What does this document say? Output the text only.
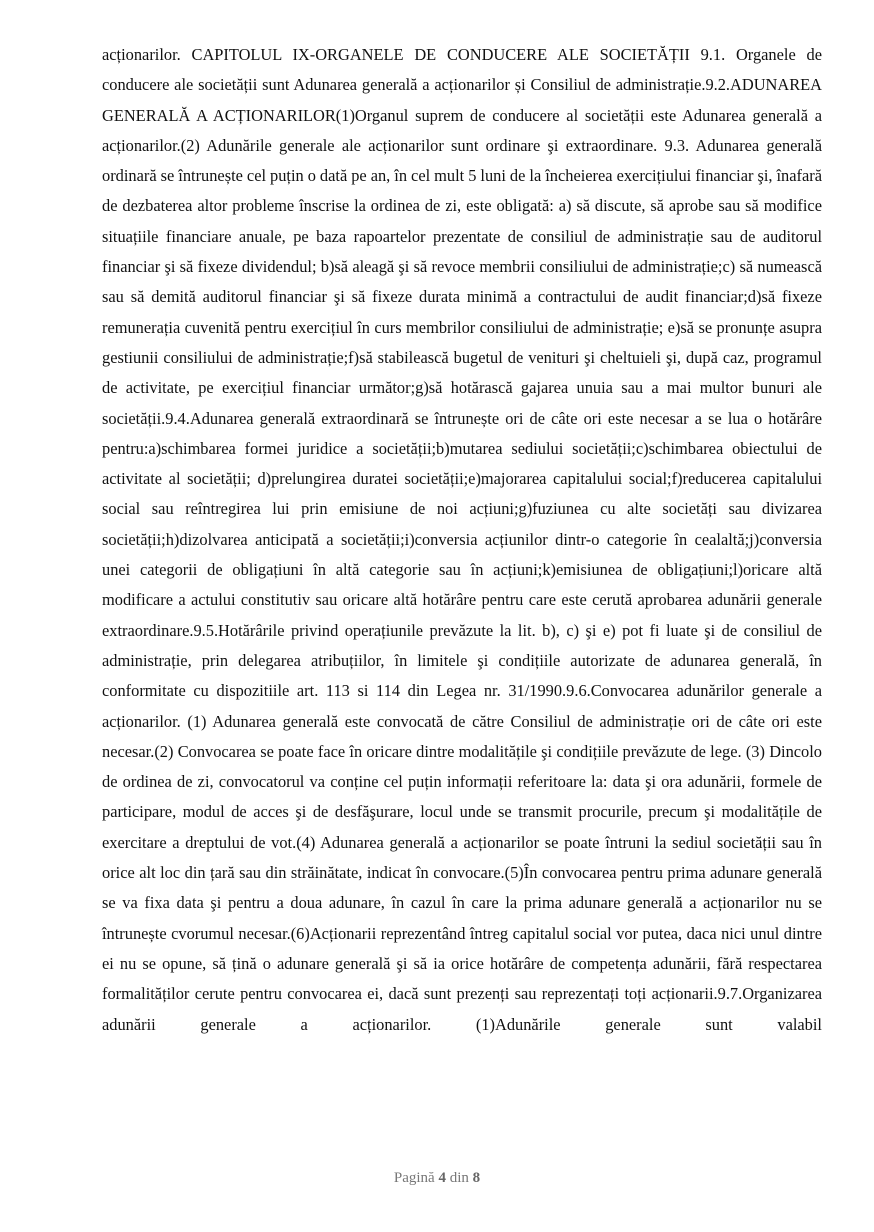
acționarilor. CAPITOLUL IX-ORGANELE DE CONDUCERE ALE SOCIETĂȚII 9.1. Organele de conducere ale societății sunt Adunarea generală a acționarilor și Consiliul de administrație.9.2.ADUNAREA GENERALĂ A ACȚIONARILOR(1)Organul suprem de conducere al societății este Adunarea generală a acționarilor.(2) Adunările generale ale acționarilor sunt ordinare şi extraordinare. 9.3. Adunarea generală ordinară se întrunește cel puțin o dată pe an, în cel mult 5 luni de la încheierea exercițiului financiar şi, înafară de dezbaterea altor probleme înscrise la ordinea de zi, este obligată: a) să discute, să aprobe sau să modifice situațiile financiare anuale, pe baza rapoartelor prezentate de consiliul de administrație sau de auditorul financiar şi să fixeze dividendul; b)să aleagă şi să revoce membrii consiliului de administrație;c) să numească sau să demită auditorul financiar şi să fixeze durata minimă a contractului de audit financiar;d)să fixeze remunerația cuvenită pentru exercițiul în curs membrilor consiliului de administrație; e)să se pronunțe asupra gestiunii consiliului de administrație;f)să stabilească bugetul de venituri şi cheltuieli şi, după caz, programul de activitate, pe exercițiul financiar următor;g)să hotărască gajarea unuia sau a mai multor bunuri ale societății.9.4.Adunarea generală extraordinară se întrunește ori de câte ori este necesar a se lua o hotărâre pentru:a)schimbarea formei juridice a societății;b)mutarea sediului societății;c)schimbarea obiectului de activitate al societății; d)prelungirea duratei societății;e)majorarea capitalului social;f)reducerea capitalului social sau reîntregirea lui prin emisiune de noi acțiuni;g)fuziunea cu alte societăți sau divizarea societății;h)dizolvarea anticipată a societății;i)conversia acțiunilor dintr-o categorie în cealaltă;j)conversia unei categorii de obligațiuni în altă categorie sau în acțiuni;k)emisiunea de obligațiuni;l)oricare altă modificare a actului constitutiv sau oricare altă hotărâre pentru care este cerută aprobarea adunării generale extraordinare.9.5.Hotărârile privind operațiunile prevăzute la lit. b), c) şi e) pot fi luate şi de consiliul de administrație, prin delegarea atribuțiilor, în limitele şi condițiile autorizate de adunarea generală, în conformitate cu dispozitiile art. 113 si 114 din Legea nr. 31/1990.9.6.Convocarea adunărilor generale a acționarilor. (1) Adunarea generală este convocată de către Consiliul de administrație ori de câte ori este necesar.(2) Convocarea se poate face în oricare dintre modalitățile şi condițiile prevăzute de lege. (3) Dincolo de ordinea de zi, convocatorul va conține cel puțin informații referitoare la: data şi ora adunării, formele de participare, modul de acces şi de desfăşurare, locul unde se transmit procurile, precum şi modalitățile de exercitare a dreptului de vot.(4) Adunarea generală a acționarilor se poate întruni la sediul societății sau în orice alt loc din țară sau din străinătate, indicat în convocare.(5)În convocarea pentru prima adunare generală se va fixa data şi pentru a doua adunare, în cazul în care la prima adunare generală a acționarilor nu se întrunește cvorumul necesar.(6)Acționarii reprezentând întreg capitalul social vor putea, daca nici unul dintre ei nu se opune, să țină o adunare generală şi să ia orice hotărâre de competența adunării, fără respectarea formalităților cerute pentru convocarea ei, dacă sunt prezenți sau reprezentați toți acționarii.9.7.Organizarea adunării generale a acționarilor. (1)Adunările generale sunt valabil

Pagină 4 din 8
